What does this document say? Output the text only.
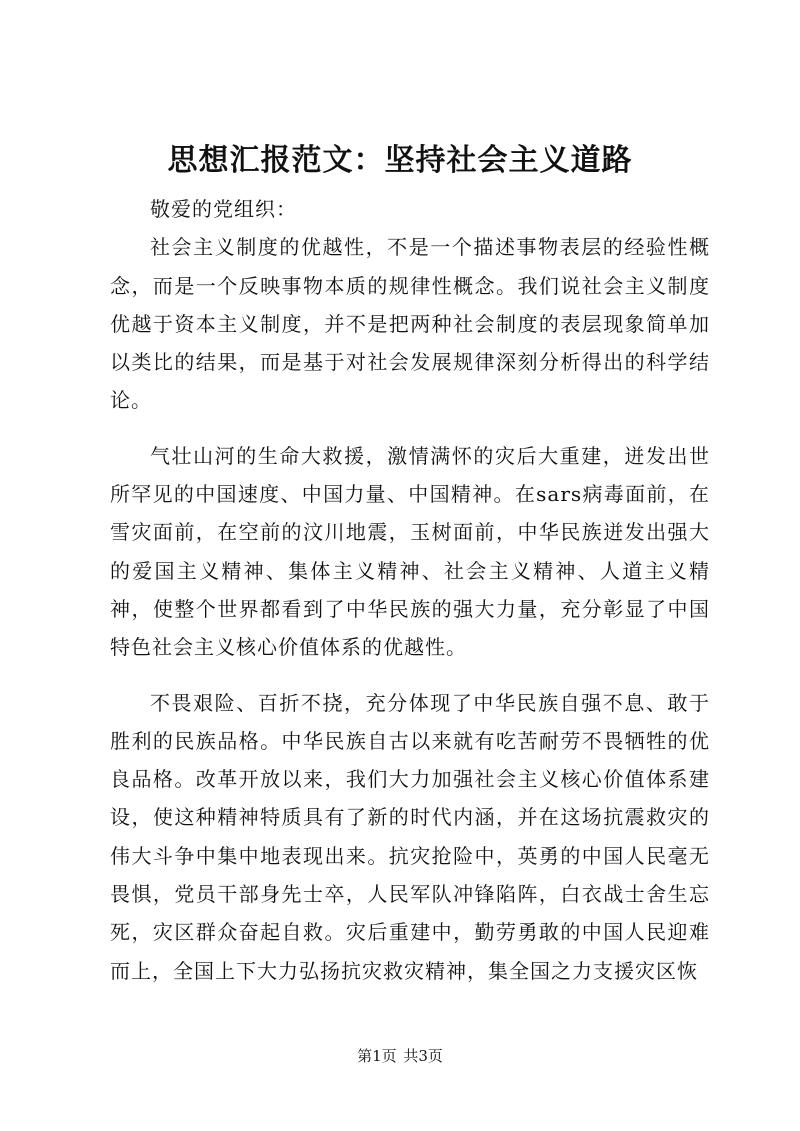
思想汇报范文：坚持社会主义道路

敬爱的党组织：

社会主义制度的优越性，不是一个描述事物表层的经验性概念，而是一个反映事物本质的规律性概念。我们说社会主义制度优越于资本主义制度，并不是把两种社会制度的表层现象简单加以类比的结果，而是基于对社会发展规律深刻分析得出的科学结论。

气壮山河的生命大救援，激情满怀的灾后大重建，迸发出世所罕见的中国速度、中国力量、中国精神。在sars病毒面前，在雪灾面前，在空前的汶川地震，玉树面前，中华民族迸发出强大的爱国主义精神、集体主义精神、社会主义精神、人道主义精神，使整个世界都看到了中华民族的强大力量，充分彰显了中国特色社会主义核心价值体系的优越性。

不畏艰险、百折不挠，充分体现了中华民族自强不息、敢于胜利的民族品格。中华民族自古以来就有吃苦耐劳不畏牺牲的优良品格。改革开放以来，我们大力加强社会主义核心价值体系建设，使这种精神特质具有了新的时代内涵，并在这场抗震救灾的伟大斗争中集中地表现出来。抗灾抢险中，英勇的中国人民毫无畏惧，党员干部身先士卒，人民军队冲锋陷阵，白衣战士舍生忘死，灾区群众奋起自救。灾后重建中，勤劳勇敢的中国人民迎难而上，全国上下大力弘扬抗灾救灾精神，集全国之力支援灾区恢

第1页 共3页
